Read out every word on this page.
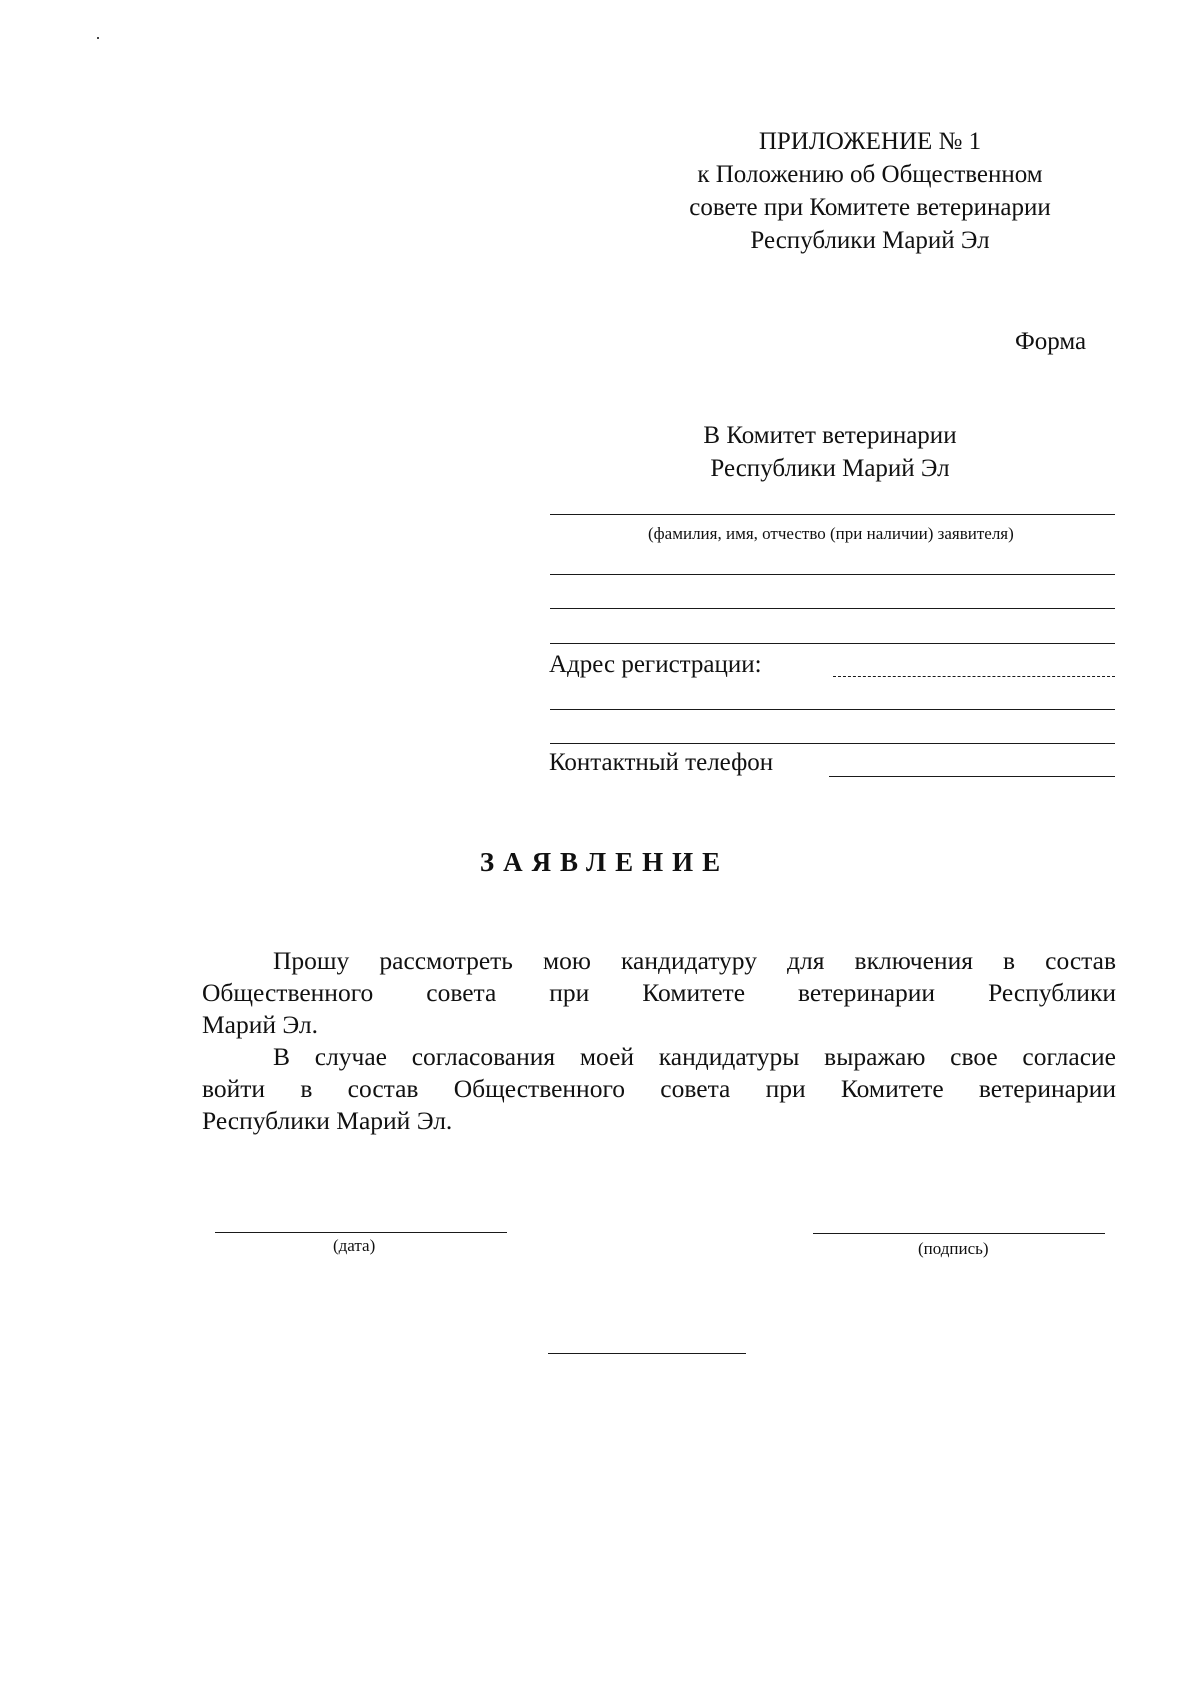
ПРИЛОЖЕНИЕ № 1
к Положению об Общественном
совете при Комитете ветеринарии
Республики Марий Эл
Форма
В Комитет ветеринарии
Республики Марий Эл
(фамилия, имя, отчество (при наличии) заявителя)
Адрес регистрации:
Контактный телефон
ЗАЯВЛЕНИЕ
Прошу рассмотреть мою кандидатуру для включения в состав
Общественного совета при Комитете ветеринарии Республики
Марий Эл.
В случае согласования моей кандидатуры выражаю свое согласие
войти в состав Общественного совета при Комитете ветеринарии
Республики Марий Эл.
(дата)	(подпись)
